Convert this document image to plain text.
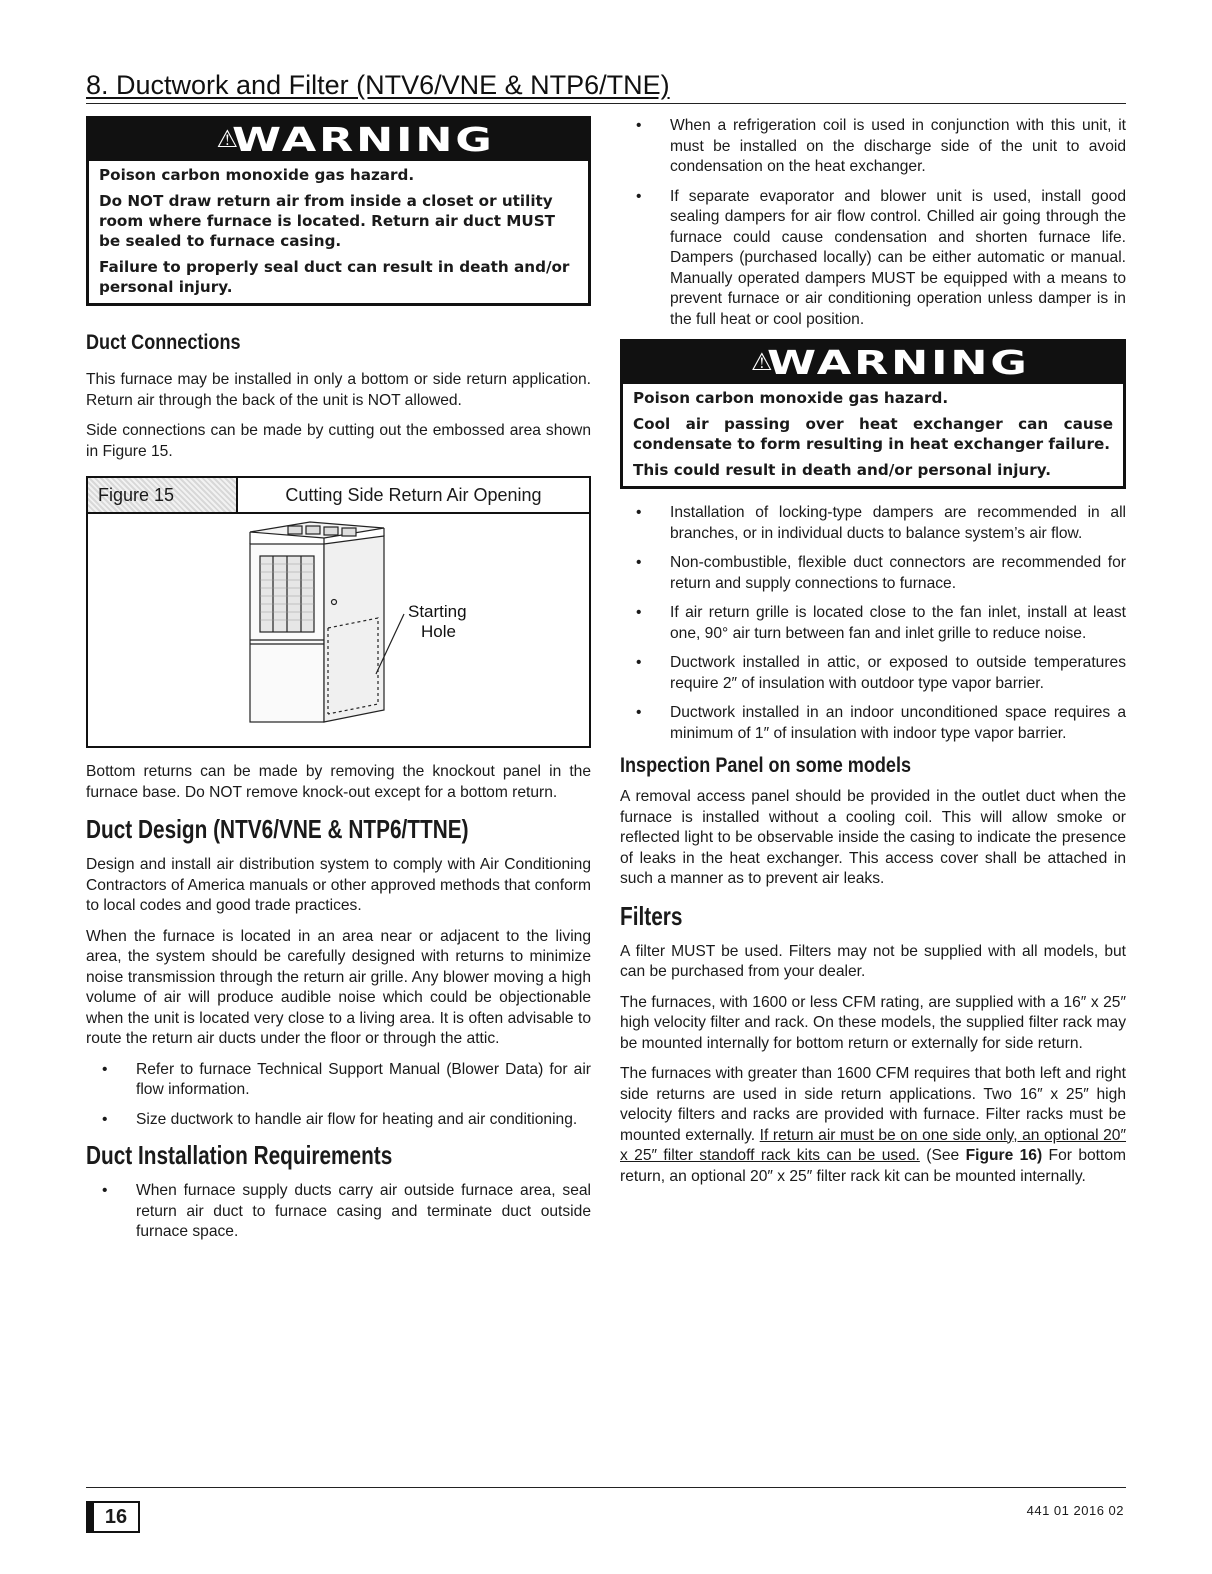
8. Ductwork and Filter (NTV6/VNE & NTP6/TNE)
⚠
WARNING

Poison carbon monoxide gas hazard.

Do NOT draw return air from inside a closet or utility room where furnace is located. Return air duct MUST be sealed to furnace casing.

Failure to properly seal duct can result in death and/or personal injury.

Duct Connections

This furnace may be installed in only a bottom or side return application. Return air through the back of the unit is NOT allowed.

Side connections can be made by cutting out the embossed area shown in Figure 15.

Figure 15	Cutting Side Return Air Opening
Starting
Hole

Bottom returns can be made by removing the knockout panel in the furnace base. Do NOT remove knock-out except for a bottom return.

Duct Design (NTV6/VNE & NTP6/TTNE)

Design and install air distribution system to comply with Air Conditioning Contractors of America manuals or other approved methods that conform to local codes and good trade practices.

When the furnace is located in an area near or adjacent to the living area, the system should be carefully designed with returns to minimize noise transmission through the return air grille. Any blower moving a high volume of air will produce audible noise which could be objectionable when the unit is located very close to a living area. It is often advisable to route the return air ducts under the floor or through the attic.

• Refer to furnace Technical Support Manual (Blower Data) for air flow information.
• Size ductwork to handle air flow for heating and air conditioning.
Duct Installation Requirements
• When furnace supply ducts carry air outside furnace area, seal return air duct to furnace casing and terminate duct outside furnace space.
• When a refrigeration coil is used in conjunction with this unit, it must be installed on the discharge side of the unit to avoid condensation on the heat exchanger.
• If separate evaporator and blower unit is used, install good sealing dampers for air flow control. Chilled air going through the furnace could cause condensation and shorten furnace life. Dampers (purchased locally) can be either automatic or manual. Manually operated dampers MUST be equipped with a means to prevent furnace or air conditioning operation unless damper is in the full heat or cool position.
⚠
WARNING

Poison carbon monoxide gas hazard.

Cool air passing over heat exchanger can cause condensate to form resulting in heat exchanger failure.

This could result in death and/or personal injury.

• Installation of locking-type dampers are recommended in all branches, or in individual ducts to balance system’s air flow.
• Non-combustible, flexible duct connectors are recommended for return and supply connections to furnace.
• If air return grille is located close to the fan inlet, install at least one, 90° air turn between fan and inlet grille to reduce noise.
• Ductwork installed in attic, or exposed to outside temperatures require 2″ of insulation with outdoor type vapor barrier.
• Ductwork installed in an indoor unconditioned space requires a minimum of 1″ of insulation with indoor type vapor barrier.
Inspection Panel on some models

A removal access panel should be provided in the outlet duct when the furnace is installed without a cooling coil. This will allow smoke or reflected light to be observable inside the casing to indicate the presence of leaks in the heat exchanger. This access cover shall be attached in such a manner as to prevent air leaks.

Filters

A filter MUST be used. Filters may not be supplied with all models, but can be purchased from your dealer.

The furnaces, with 1600 or less CFM rating, are supplied with a 16″ x 25″ high velocity filter and rack. On these models, the supplied filter rack may be mounted internally for bottom return or externally for side return.

The furnaces with greater than 1600 CFM requires that both left and right side returns are used in side return applications. Two 16″ x 25″ high velocity filters and racks are provided with furnace. Filter racks must be mounted externally. If return air must be on one side only, an optional 20″ x 25″ filter standoff rack kits can be used. (See Figure 16) For bottom return, an optional 20″ x 25″ filter rack kit can be mounted internally.

16	441 01 2016 02
